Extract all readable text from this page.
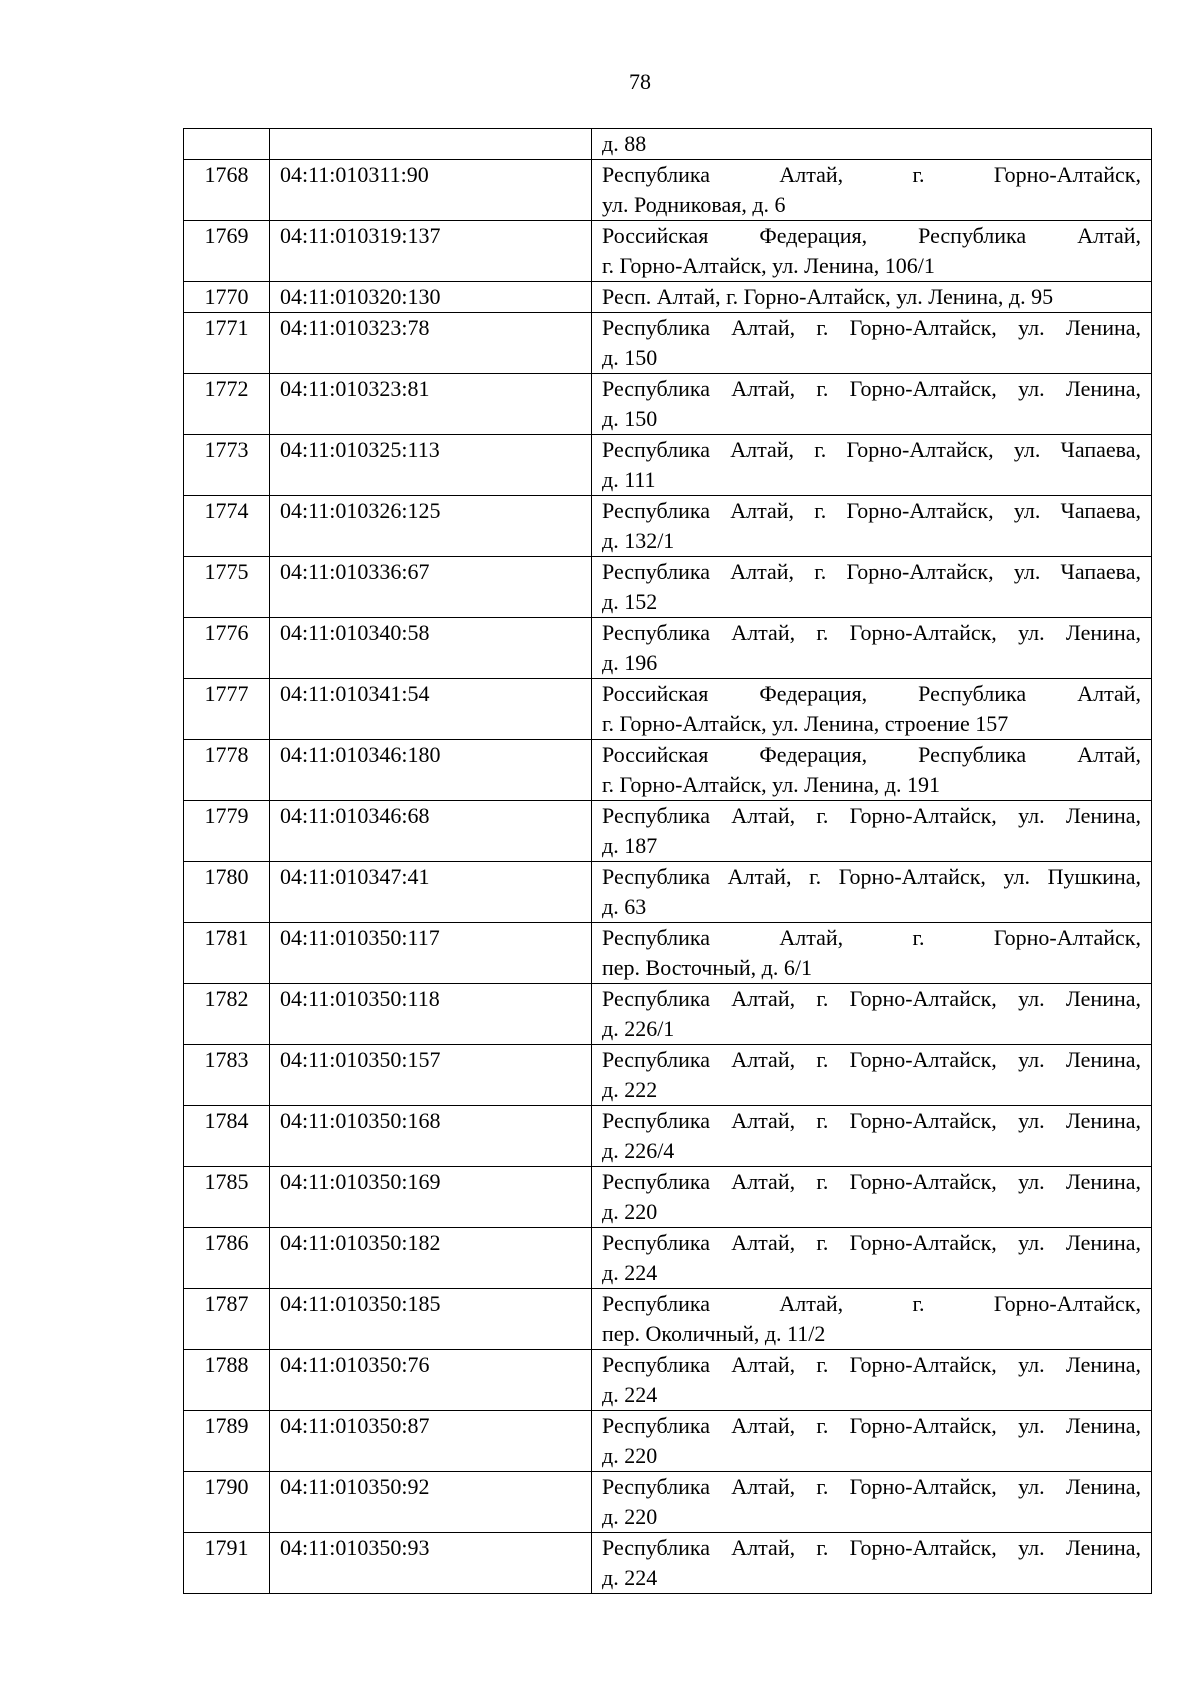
78

		д. 88

1768	04:11:010311:90	Республика Алтай, г. Горно-Алтайск,
ул. Родниковая, д. 6

1769	04:11:010319:137	Российская Федерация, Республика Алтай,
г. Горно-Алтайск, ул. Ленина, 106/1

1770	04:11:010320:130	Респ. Алтай, г. Горно-Алтайск, ул. Ленина, д. 95

1771	04:11:010323:78	Республика Алтай, г. Горно-Алтайск, ул. Ленина,
д. 150

1772	04:11:010323:81	Республика Алтай, г. Горно-Алтайск, ул. Ленина,
д. 150

1773	04:11:010325:113	Республика Алтай, г. Горно-Алтайск, ул. Чапаева,
д. 111

1774	04:11:010326:125	Республика Алтай, г. Горно-Алтайск, ул. Чапаева,
д. 132/1

1775	04:11:010336:67	Республика Алтай, г. Горно-Алтайск, ул. Чапаева,
д. 152

1776	04:11:010340:58	Республика Алтай, г. Горно-Алтайск, ул. Ленина,
д. 196

1777	04:11:010341:54	Российская Федерация, Республика Алтай,
г. Горно-Алтайск, ул. Ленина, строение 157

1778	04:11:010346:180	Российская Федерация, Республика Алтай,
г. Горно-Алтайск, ул. Ленина, д. 191

1779	04:11:010346:68	Республика Алтай, г. Горно-Алтайск, ул. Ленина,
д. 187

1780	04:11:010347:41	Республика Алтай, г. Горно-Алтайск, ул. Пушкина,
д. 63

1781	04:11:010350:117	Республика Алтай, г. Горно-Алтайск,
пер. Восточный, д. 6/1

1782	04:11:010350:118	Республика Алтай, г. Горно-Алтайск, ул. Ленина,
д. 226/1

1783	04:11:010350:157	Республика Алтай, г. Горно-Алтайск, ул. Ленина,
д. 222

1784	04:11:010350:168	Республика Алтай, г. Горно-Алтайск, ул. Ленина,
д. 226/4

1785	04:11:010350:169	Республика Алтай, г. Горно-Алтайск, ул. Ленина,
д. 220

1786	04:11:010350:182	Республика Алтай, г. Горно-Алтайск, ул. Ленина,
д. 224

1787	04:11:010350:185	Республика Алтай, г. Горно-Алтайск,
пер. Околичный, д. 11/2

1788	04:11:010350:76	Республика Алтай, г. Горно-Алтайск, ул. Ленина,
д. 224

1789	04:11:010350:87	Республика Алтай, г. Горно-Алтайск, ул. Ленина,
д. 220

1790	04:11:010350:92	Республика Алтай, г. Горно-Алтайск, ул. Ленина,
д. 220

1791	04:11:010350:93	Республика Алтай, г. Горно-Алтайск, ул. Ленина,
д. 224
